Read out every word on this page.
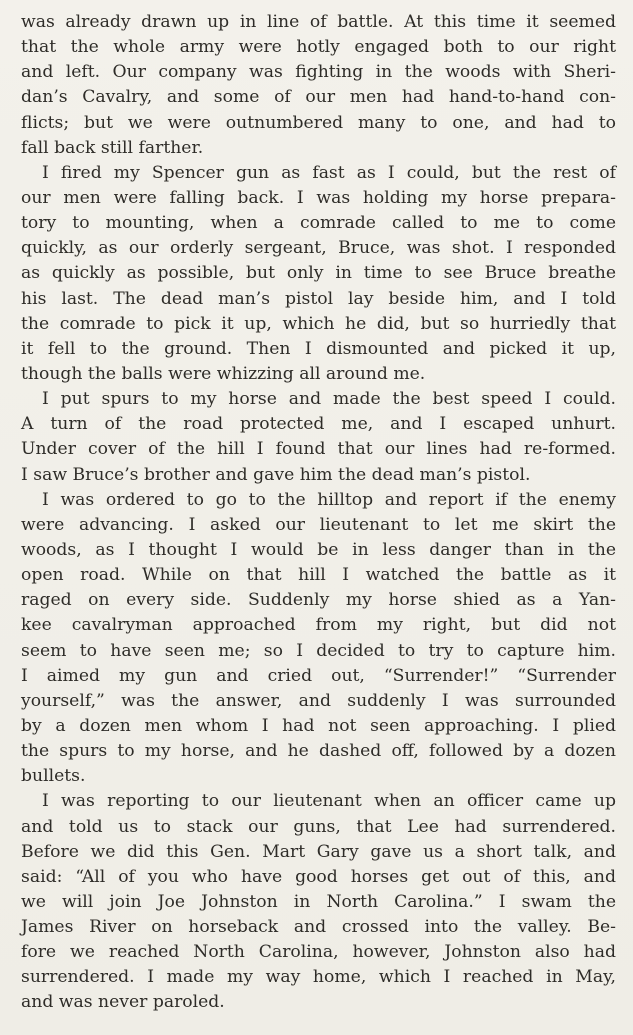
was already drawn up in line of battle. At this time it seemed
that the whole army were hotly engaged both to our right
and left. Our company was fighting in the woods with Sheri-
dan’s Cavalry, and some of our men had hand-to-hand con-
flicts; but we were outnumbered many to one, and had to
fall back still farther.
I fired my Spencer gun as fast as I could, but the rest of
our men were falling back. I was holding my horse prepara-
tory to mounting, when a comrade called to me to come
quickly, as our orderly sergeant, Bruce, was shot. I responded
as quickly as possible, but only in time to see Bruce breathe
his last. The dead man’s pistol lay beside him, and I told
the comrade to pick it up, which he did, but so hurriedly that
it fell to the ground. Then I dismounted and picked it up,
though the balls were whizzing all around me.
I put spurs to my horse and made the best speed I could.
A turn of the road protected me, and I escaped unhurt.
Under cover of the hill I found that our lines had re-formed.
I saw Bruce’s brother and gave him the dead man’s pistol.
I was ordered to go to the hilltop and report if the enemy
were advancing. I asked our lieutenant to let me skirt the
woods, as I thought I would be in less danger than in the
open road. While on that hill I watched the battle as it
raged on every side. Suddenly my horse shied as a Yan-
kee cavalryman approached from my right, but did not
seem to have seen me; so I decided to try to capture him.
I aimed my gun and cried out, “Surrender!” “Surrender
yourself,” was the answer, and suddenly I was surrounded
by a dozen men whom I had not seen approaching. I plied
the spurs to my horse, and he dashed off, followed by a dozen
bullets.
I was reporting to our lieutenant when an officer came up
and told us to stack our guns, that Lee had surrendered.
Before we did this Gen. Mart Gary gave us a short talk, and
said: “All of you who have good horses get out of this, and
we will join Joe Johnston in North Carolina.” I swam the
James River on horseback and crossed into the valley. Be-
fore we reached North Carolina, however, Johnston also had
surrendered. I made my way home, which I reached in May,
and was never paroled.
